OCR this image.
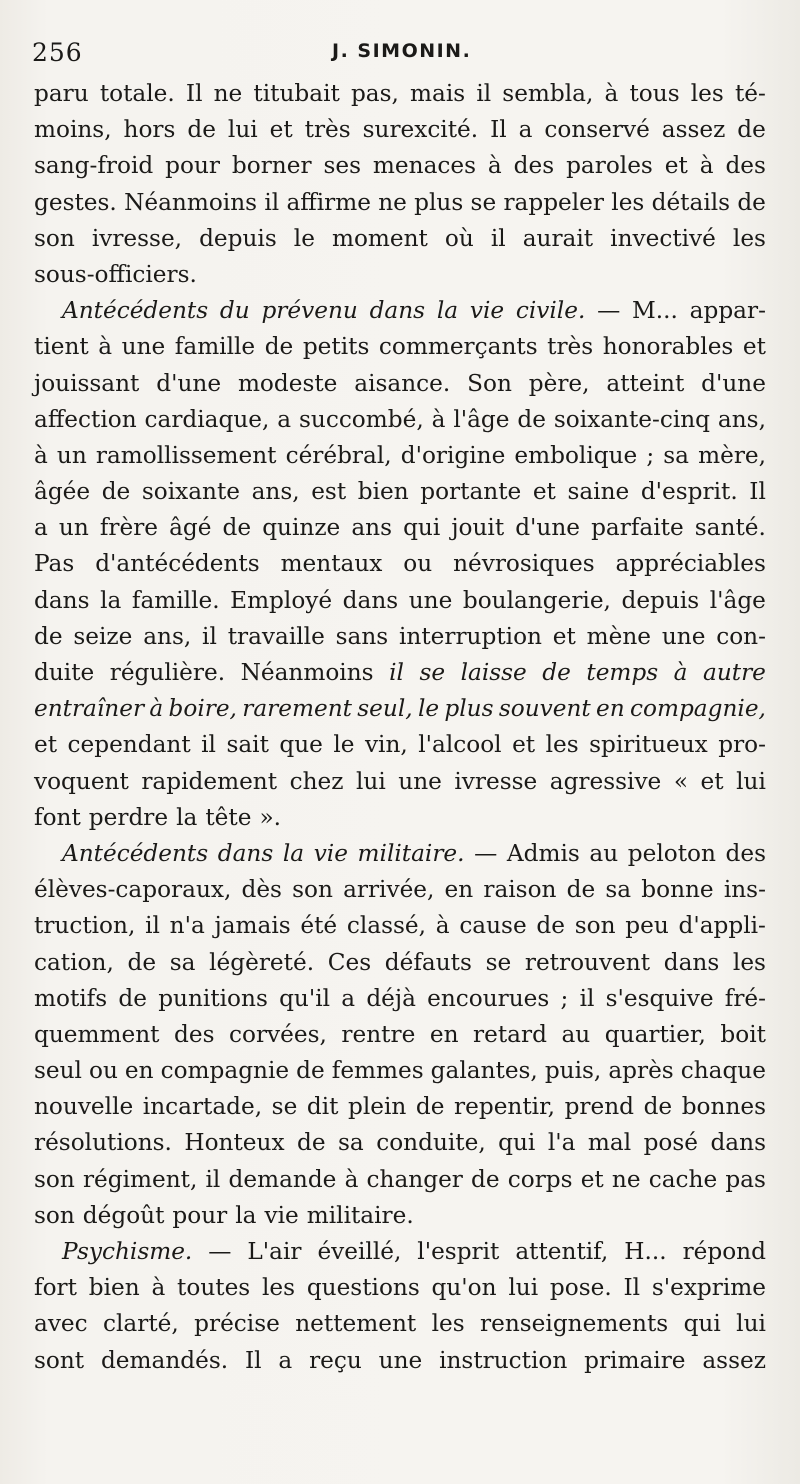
256	J. SIMONIN.
paru totale. Il ne titubait pas, mais il sembla, à tous les té-
moins, hors de lui et très surexcité. Il a conservé assez de
sang-froid pour borner ses menaces à des paroles et à des
gestes. Néanmoins il affirme ne plus se rappeler les détails de
son ivresse, depuis le moment où il aurait invectivé les
sous-officiers.
Antécédents du prévenu dans la vie civile. — M... appar-
tient à une famille de petits commerçants très honorables et
jouissant d'une modeste aisance. Son père, atteint d'une
affection cardiaque, a succombé, à l'âge de soixante-cinq ans,
à un ramollissement cérébral, d'origine embolique ; sa mère,
âgée de soixante ans, est bien portante et saine d'esprit. Il
a un frère âgé de quinze ans qui jouit d'une parfaite santé.
Pas d'antécédents mentaux ou névrosiques appréciables
dans la famille. Employé dans une boulangerie, depuis l'âge
de seize ans, il travaille sans interruption et mène une con-
duite régulière. Néanmoins il se laisse de temps à autre
entraîner à boire, rarement seul, le plus souvent en compagnie,
et cependant il sait que le vin, l'alcool et les spiritueux pro-
voquent rapidement chez lui une ivresse agressive « et lui
font perdre la tête ».
Antécédents dans la vie militaire. — Admis au peloton des
élèves-caporaux, dès son arrivée, en raison de sa bonne ins-
truction, il n'a jamais été classé, à cause de son peu d'appli-
cation, de sa légèreté. Ces défauts se retrouvent dans les
motifs de punitions qu'il a déjà encourues ; il s'esquive fré-
quemment des corvées, rentre en retard au quartier, boit
seul ou en compagnie de femmes galantes, puis, après chaque
nouvelle incartade, se dit plein de repentir, prend de bonnes
résolutions. Honteux de sa conduite, qui l'a mal posé dans
son régiment, il demande à changer de corps et ne cache pas
son dégoût pour la vie militaire.
Psychisme. — L'air éveillé, l'esprit attentif, H... répond
fort bien à toutes les questions qu'on lui pose. Il s'exprime
avec clarté, précise nettement les renseignements qui lui
sont demandés. Il a reçu une instruction primaire assez
